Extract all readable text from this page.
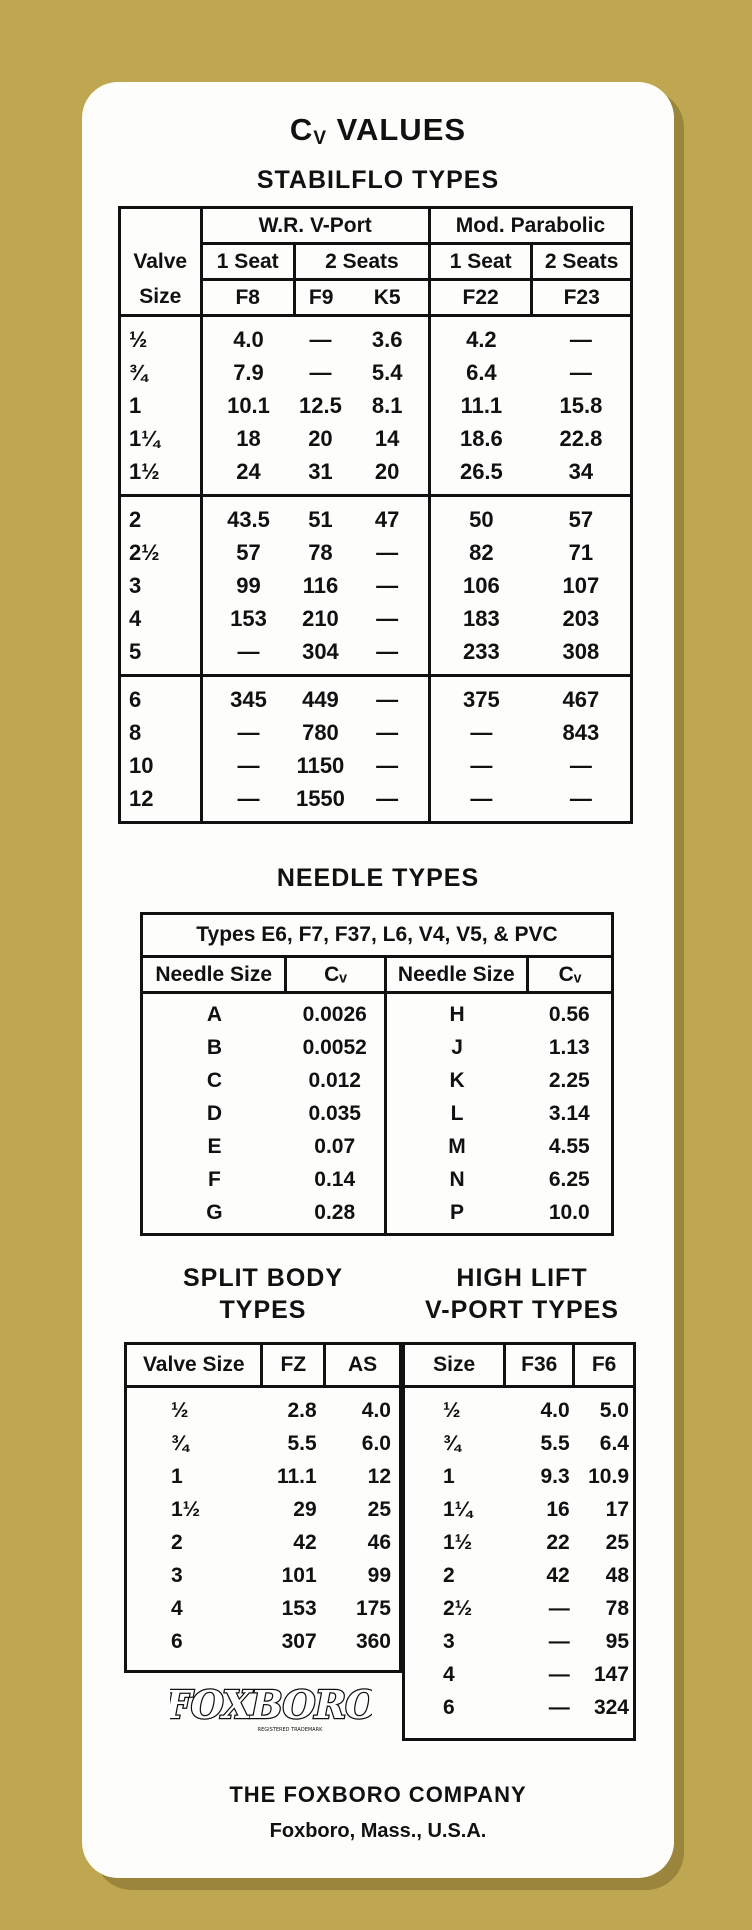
$C_V$ VALUES
STABILFLO TYPES
	W.R. V-Port			Mod. Parabolic	
Valve	1 Seat	2 Seats		1 Seat	2 Seats
Size	F8	F9	K5	F22	F23
½	4.0	—	3.6	4.2	—
¾	7.9	—	5.4	6.4	—
1	10.1	12.5	8.1	11.1	15.8
1¼	18	20	14	18.6	22.8
1½	24	31	20	26.5	34
2	43.5	51	47	50	57
2½	57	78	—	82	71
3	99	116	—	106	107
4	153	210	—	183	203
5	—	304	—	233	308
6	345	449	—	375	467
8	—	780	—	—	843
10	—	1150	—	—	—
12	—	1550	—	—	—
NEEDLE TYPES
Types E6, F7, F37, L6, V4, V5, & PVC			
Needle Size	Cᵥ	Needle Size	Cᵥ
A	0.0026	H	0.56
B	0.0052	J	1.13
C	0.012	K	2.25
D	0.035	L	3.14
E	0.07	M	4.55
F	0.14	N	6.25
G	0.28	P	10.0
SPLIT BODY
TYPES
HIGH LIFT
V-PORT TYPES
Valve Size	FZ	AS
½	2.8	4.0
¾	5.5	6.0
1	11.1	12
1½	29	25
2	42	46
3	101	99
4	153	175
6	307	360
Size	F36	F6
½	4.0	5.0
¾	5.5	6.4
1	9.3	10.9
1¼	16	17
1½	22	25
2	42	48
2½	—	78
3	—	95
4	—	147
6	—	324
FOXBORO
REGISTERED TRADEMARK
THE FOXBORO COMPANY
Foxboro, Mass., U.S.A.
